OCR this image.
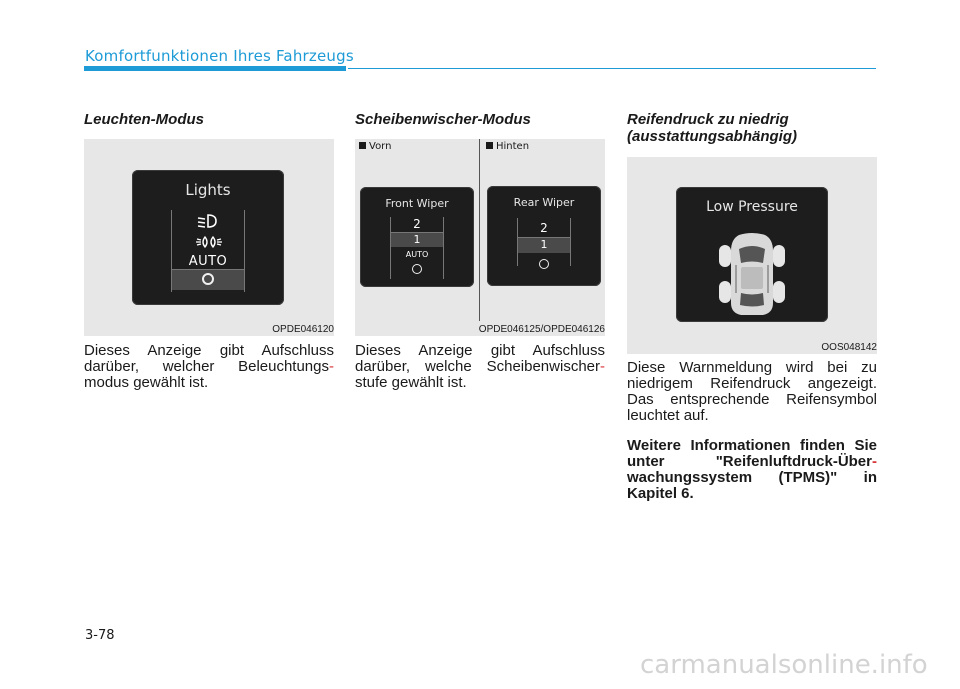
Komfortfunktionen Ihres Fahrzeugs
Leuchten-Modus
Lights
AUTO
OPDE046120
Dieses Anzeige gibt Aufschluss darüber, welcher Beleuchtungs- modus gewählt ist.
Scheibenwischer-Modus
Vorn	Hinten
Front Wiper
2
1
AUTO
Rear Wiper
2
1
OPDE046125/OPDE046126
Dieses Anzeige gibt Aufschluss darüber, welche Scheibenwischer- stufe gewählt ist.
Reifendruck zu niedrig
(ausstattungsabhängig)
Low Pressure
OOS048142
Diese Warnmeldung wird bei zu niedrigem Reifendruck angezeigt. Das entsprechende Reifensymbol leuchtet auf.
Weitere Informationen finden Sie unter "Reifenluftdruck-Über- wachungssystem (TPMS)" in Kapitel 6.
3-78
carmanualsonline.info
